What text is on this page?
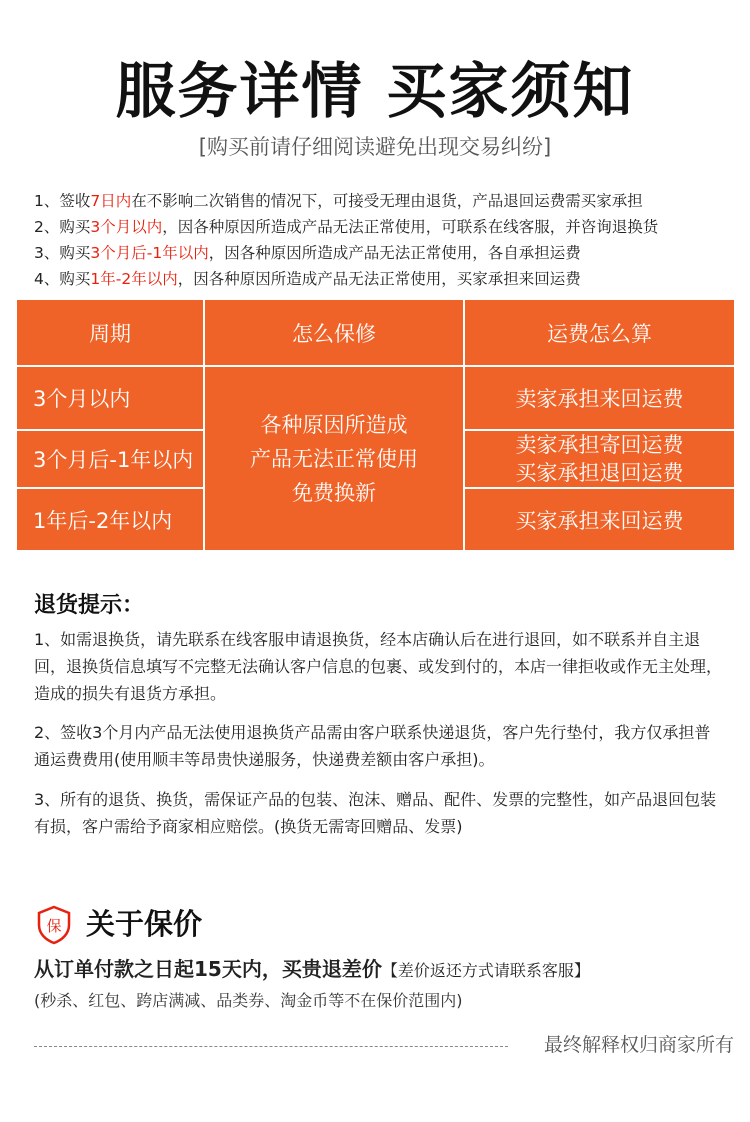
服务详情 买家须知
[购买前请仔细阅读避免出现交易纠纷]
1、签收7日内在不影响二次销售的情况下，可接受无理由退货，产品退回运费需买家承担
2、购买3个月以内，因各种原因所造成产品无法正常使用，可联系在线客服，并咨询退换货
3、购买3个月后-1年以内，因各种原因所造成产品无法正常使用，各自承担运费
4、购买1年-2年以内，因各种原因所造成产品无法正常使用，买家承担来回运费
周期	怎么保修	运费怎么算
3个月以内
3个月后-1年以内
1年后-2年以内
各种原因所造成
产品无法正常使用
免费换新
卖家承担来回运费
卖家承担寄回运费
买家承担退回运费
买家承担来回运费
退货提示：
1、如需退换货，请先联系在线客服申请退换货，经本店确认后在进行退回，如不联系并自主退回，退换货信息填写不完整无法确认客户信息的包裹、或发到付的，本店一律拒收或作无主处理，造成的损失有退货方承担。
2、签收3个月内产品无法使用退换货产品需由客户联系快递退货，客户先行垫付，我方仅承担普通运费费用(使用顺丰等昂贵快递服务，快递费差额由客户承担)。
3、所有的退货、换货，需保证产品的包装、泡沫、赠品、配件、发票的完整性，如产品退回包装有损，客户需给予商家相应赔偿。(换货无需寄回赠品、发票)
保 关于保价
从订单付款之日起15天内，买贵退差价【差价返还方式请联系客服】
(秒杀、红包、跨店满减、品类券、淘金币等不在保价范围内)
最终解释权归商家所有
